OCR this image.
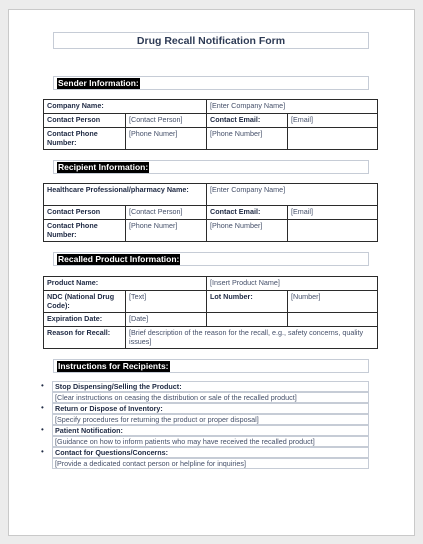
Drug Recall Notification Form
Sender Information:
Company Name:		[Enter Company Name]	
Contact Person	[Contact Person]	Contact Email:	[Email]
Contact Phone Number:	[Phone Numer]	[Phone Number]	
Recipient Information:
Healthcare Professional/pharmacy Name:		[Enter Company Name]	
Contact Person	[Contact Person]	Contact Email:	[Email]
Contact Phone Number:	[Phone Numer]	[Phone Number]	
Recalled Product Information:
Product Name:		[Insert Product Name]	
NDC (National Drug Code):	[Text]	Lot Number:	[Number]
Expiration Date:	[Date]		
Reason for Recall:	[Brief description of the reason for the recall, e.g., safety concerns, quality issues]		
Instructions for Recipients:
•	Stop Dispensing/Selling the Product:
[Clear instructions on ceasing the distribution or sale of the recalled product]
•	Return or Dispose of Inventory:
[Specify procedures for returning the product or proper disposal]
•	Patient Notification:
[Guidance on how to inform patients who may have received the recalled product]
•	Contact for Questions/Concerns:
[Provide a dedicated contact person or helpline for inquiries]
